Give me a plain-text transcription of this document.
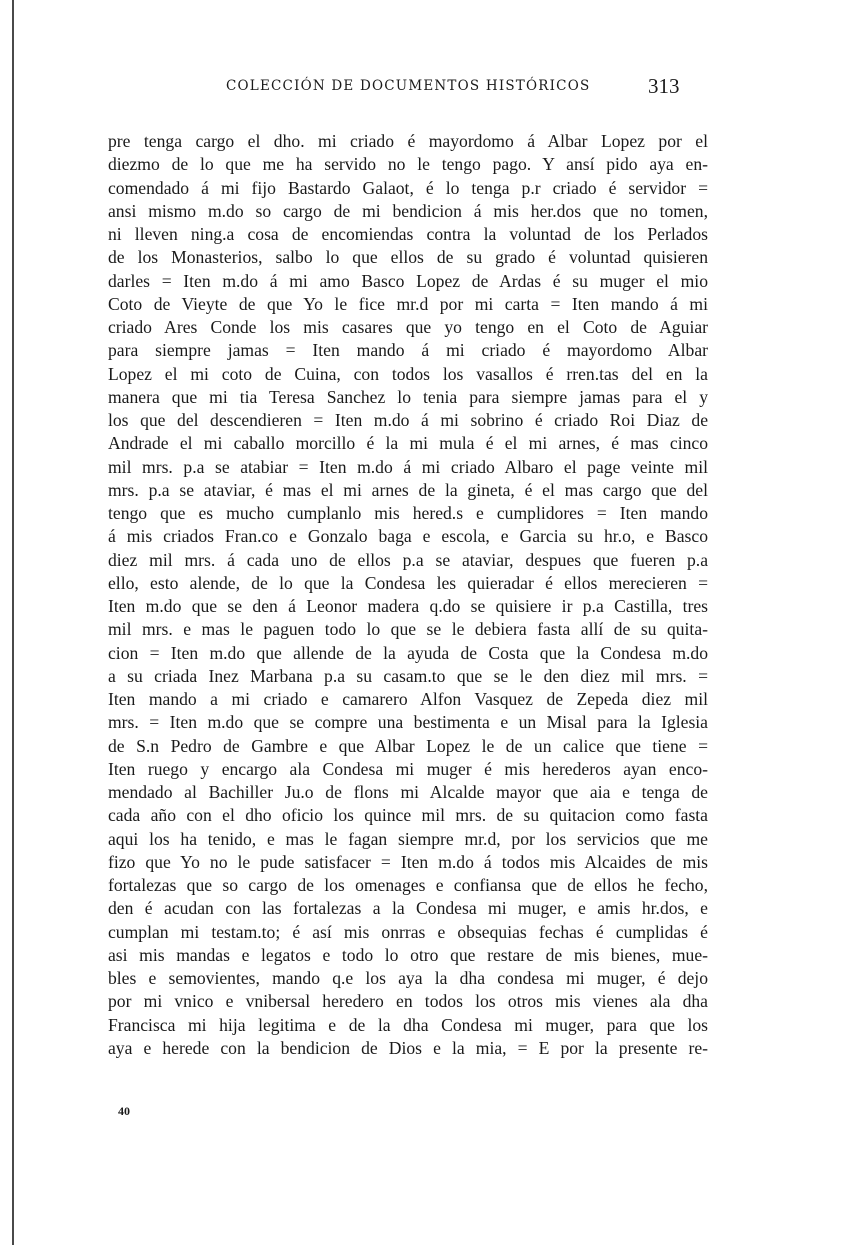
COLECCIÓN DE DOCUMENTOS HISTÓRICOS	313
pre tenga cargo el dho. mi criado é mayordomo á Albar Lopez por el
diezmo de lo que me ha servido no le tengo pago. Y ansí pido aya en-
comendado á mi fijo Bastardo Galaot, é lo tenga p.r criado é servidor =
ansi mismo m.do so cargo de mi bendicion á mis her.dos que no tomen,
ni lleven ning.a cosa de encomiendas contra la voluntad de los Perlados
de los Monasterios, salbo lo que ellos de su grado é voluntad quisieren
darles = Iten m.do á mi amo Basco Lopez de Ardas é su muger el mio
Coto de Vieyte de que Yo le fice mr.d por mi carta = Iten mando á mi
criado Ares Conde los mis casares que yo tengo en el Coto de Aguiar
para siempre jamas = Iten mando á mi criado é mayordomo Albar
Lopez el mi coto de Cuina, con todos los vasallos é rren.tas del en la
manera que mi tia Teresa Sanchez lo tenia para siempre jamas para el y
los que del descendieren = Iten m.do á mi sobrino é criado Roi Diaz de
Andrade el mi caballo morcillo é la mi mula é el mi arnes, é mas cinco
mil mrs. p.a se atabiar = Iten m.do á mi criado Albaro el page veinte mil
mrs. p.a se ataviar, é mas el mi arnes de la gineta, é el mas cargo que del
tengo que es mucho cumplanlo mis hered.s e cumplidores = Iten mando
á mis criados Fran.co e Gonzalo baga e escola, e Garcia su hr.o, e Basco
diez mil mrs. á cada uno de ellos p.a se ataviar, despues que fueren p.a
ello, esto alende, de lo que la Condesa les quieradar é ellos merecieren =
Iten m.do que se den á Leonor madera q.do se quisiere ir p.a Castilla, tres
mil mrs. e mas le paguen todo lo que se le debiera fasta allí de su quita-
cion = Iten m.do que allende de la ayuda de Costa que la Condesa m.do
a su criada Inez Marbana p.a su casam.to que se le den diez mil mrs. =
Iten mando a mi criado e camarero Alfon Vasquez de Zepeda diez mil
mrs. = Iten m.do que se compre una bestimenta e un Misal para la Iglesia
de S.n Pedro de Gambre e que Albar Lopez le de un calice que tiene =
Iten ruego y encargo ala Condesa mi muger é mis herederos ayan enco-
mendado al Bachiller Ju.o de flons mi Alcalde mayor que aia e tenga de
cada año con el dho oficio los quince mil mrs. de su quitacion como fasta
aqui los ha tenido, e mas le fagan siempre mr.d, por los servicios que me
fizo que Yo no le pude satisfacer = Iten m.do á todos mis Alcaides de mis
fortalezas que so cargo de los omenages e confiansa que de ellos he fecho,
den é acudan con las fortalezas a la Condesa mi muger, e amis hr.dos, e
cumplan mi testam.to; é así mis onrras e obsequias fechas é cumplidas é
asi mis mandas e legatos e todo lo otro que restare de mis bienes, mue-
bles e semovientes, mando q.e los aya la dha condesa mi muger, é dejo
por mi vnico e vnibersal heredero en todos los otros mis vienes ala dha
Francisca mi hija legitima e de la dha Condesa mi muger, para que los
aya e herede con la bendicion de Dios e la mia, = E por la presente re-
40
